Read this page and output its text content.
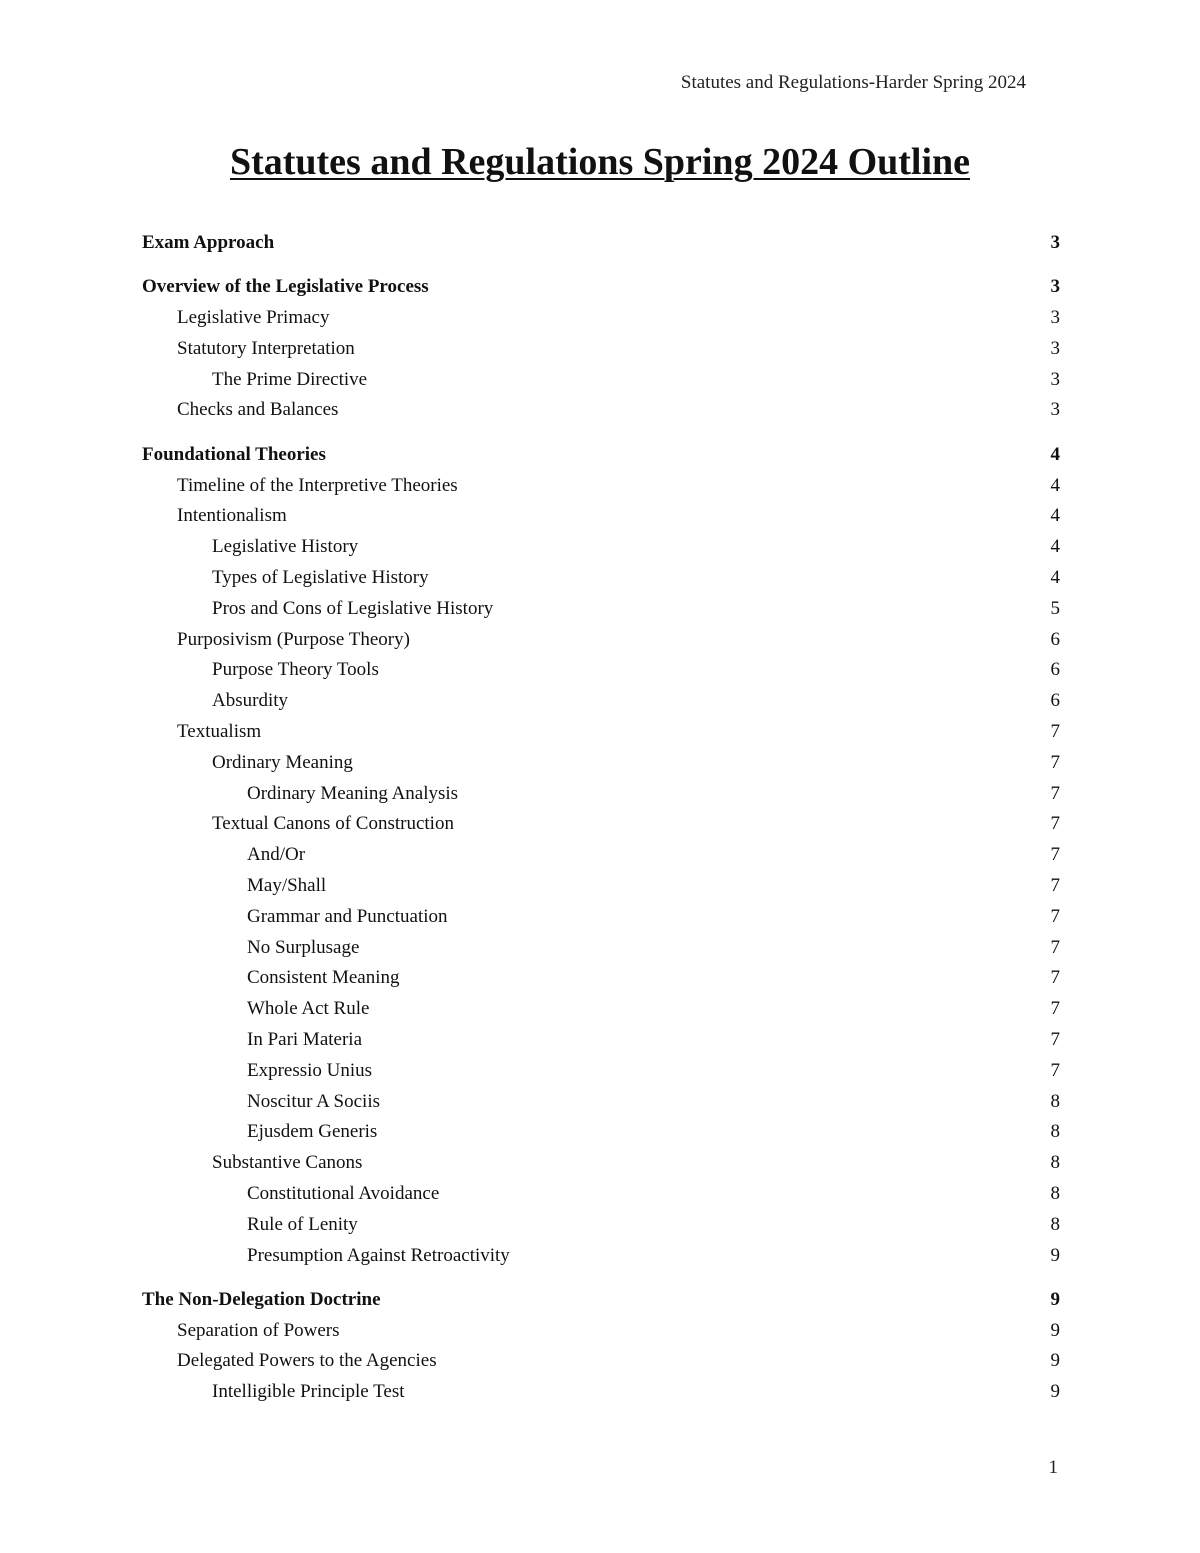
Statutes and Regulations-Harder Spring 2024
Statutes and Regulations Spring 2024 Outline
Exam Approach	3
Overview of the Legislative Process	3
Legislative Primacy	3
Statutory Interpretation	3
The Prime Directive	3
Checks and Balances	3
Foundational Theories	4
Timeline of the Interpretive Theories	4
Intentionalism	4
Legislative History	4
Types of Legislative History	4
Pros and Cons of Legislative History	5
Purposivism (Purpose Theory)	6
Purpose Theory Tools	6
Absurdity	6
Textualism	7
Ordinary Meaning	7
Ordinary Meaning Analysis	7
Textual Canons of Construction	7
And/Or	7
May/Shall	7
Grammar and Punctuation	7
No Surplusage	7
Consistent Meaning	7
Whole Act Rule	7
In Pari Materia	7
Expressio Unius	7
Noscitur A Sociis	8
Ejusdem Generis	8
Substantive Canons	8
Constitutional Avoidance	8
Rule of Lenity	8
Presumption Against Retroactivity	9
The Non-Delegation Doctrine	9
Separation of Powers	9
Delegated Powers to the Agencies	9
Intelligible Principle Test	9
1
